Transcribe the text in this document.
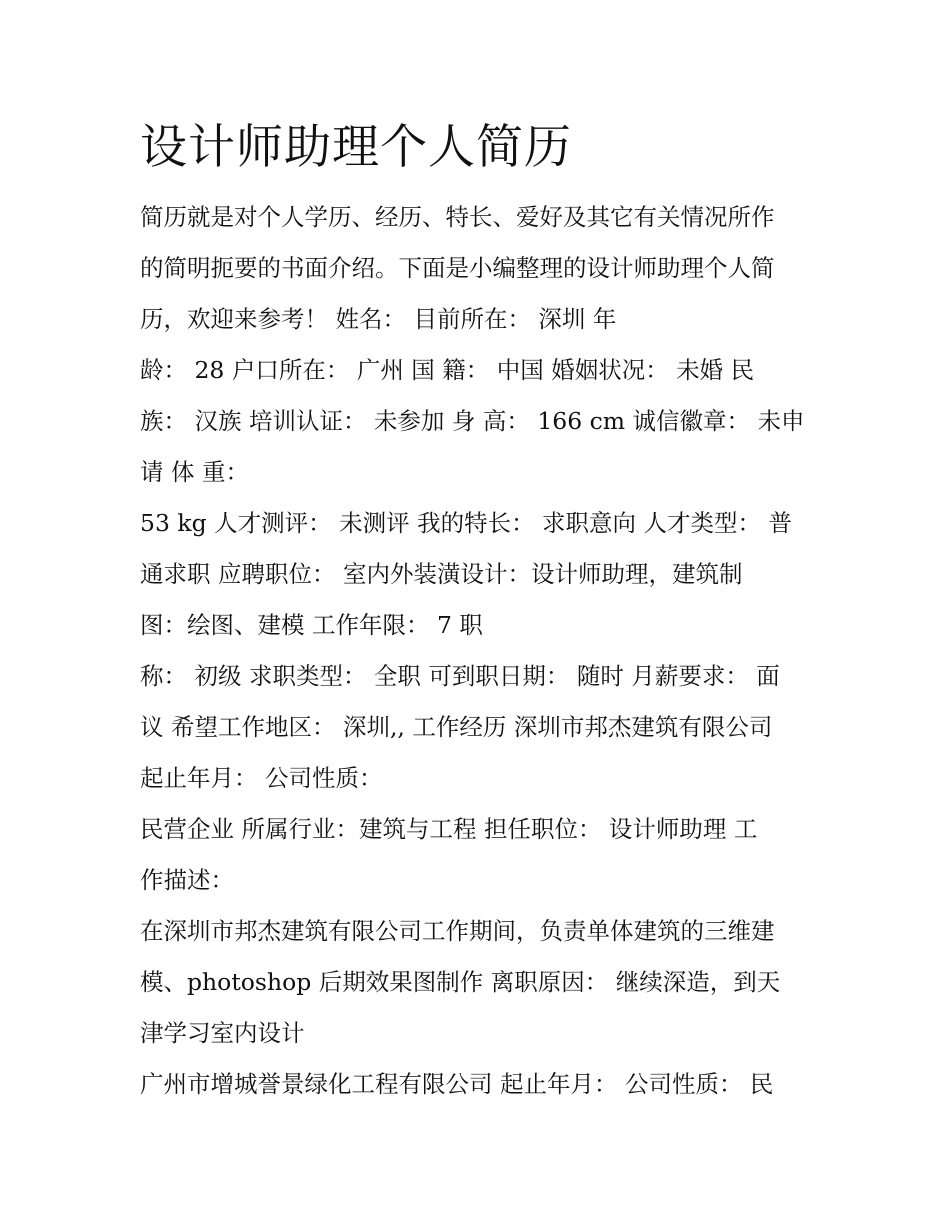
设计师助理个人简历
简历就是对个人学历、经历、特长、爱好及其它有关情况所作
的简明扼要的书面介绍。下面是小编整理的设计师助理个人简
历，欢迎来参考！ 姓名： 目前所在： 深圳 年
龄： 28 户口所在： 广州 国 籍： 中国 婚姻状况： 未婚 民
族： 汉族 培训认证： 未参加 身 高： 166 cm 诚信徽章： 未申
请 体 重：
53 kg 人才测评： 未测评 我的特长： 求职意向 人才类型： 普
通求职 应聘职位： 室内外装潢设计：设计师助理，建筑制
图：绘图、建模 工作年限： 7 职
称： 初级 求职类型： 全职 可到职日期： 随时 月薪要求： 面
议 希望工作地区： 深圳,, 工作经历 深圳市邦杰建筑有限公司
起止年月： 公司性质：
民营企业 所属行业：建筑与工程 担任职位： 设计师助理 工
作描述：
在深圳市邦杰建筑有限公司工作期间，负责单体建筑的三维建
模、photoshop 后期效果图制作 离职原因： 继续深造，到天
津学习室内设计
广州市增城誉景绿化工程有限公司 起止年月： 公司性质： 民
